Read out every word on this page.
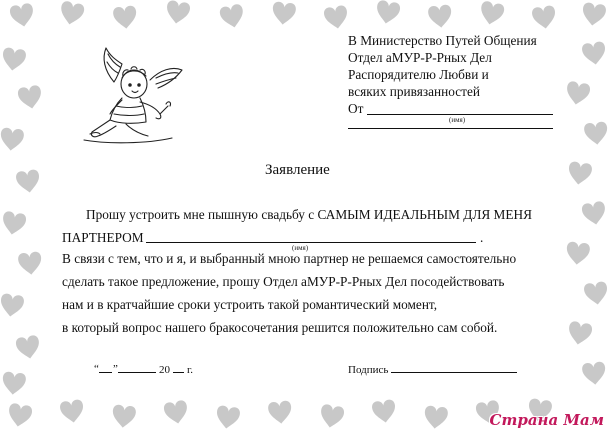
В Министерство Путей Общения
Отдел аМУР-Р-Рных Дел
Распорядителю Любви и
всяких привязанностей
От
(имя)
Заявление
Прошу устроить мне пышную свадьбу с САМЫМ ИДЕАЛЬНЫМ ДЛЯ МЕНЯ
ПАРТНЕРОМ	.
(имя)
В связи с тем, что и я, и выбранный мною партнер не решаемся самостоятельно
сделать такое предложение, прошу Отдел аМУР-Р-Рных Дел посодействовать
нам и в кратчайшие сроки устроить такой романтический момент,
в который вопрос нашего бракосочетания решится положительно сам собой.
“ ”	20 г.	Подпись
Страна Мам
